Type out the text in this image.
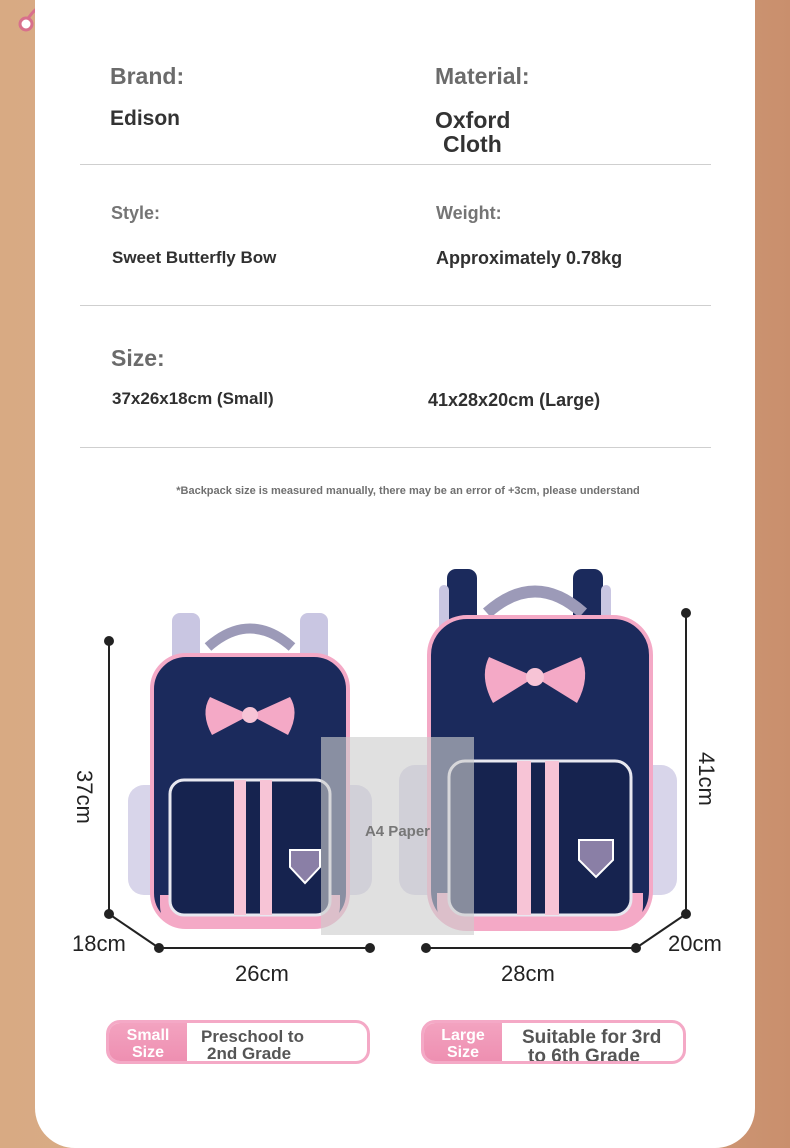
Brand:
Edison
Material:
Oxford
Cloth
Style:
Sweet Butterfly Bow
Weight:
Approximately 0.78kg
Size:
37x26x18cm (Small)	41x28x20cm (Large)
*Backpack size is measured manually, there may be an error of +3cm, please understand
A4 Paper
37cm
18cm
26cm
41cm
20cm
28cm
Small
Size
Preschool to
2nd Grade
Large
Size
Suitable for 3rd
to 6th Grade
